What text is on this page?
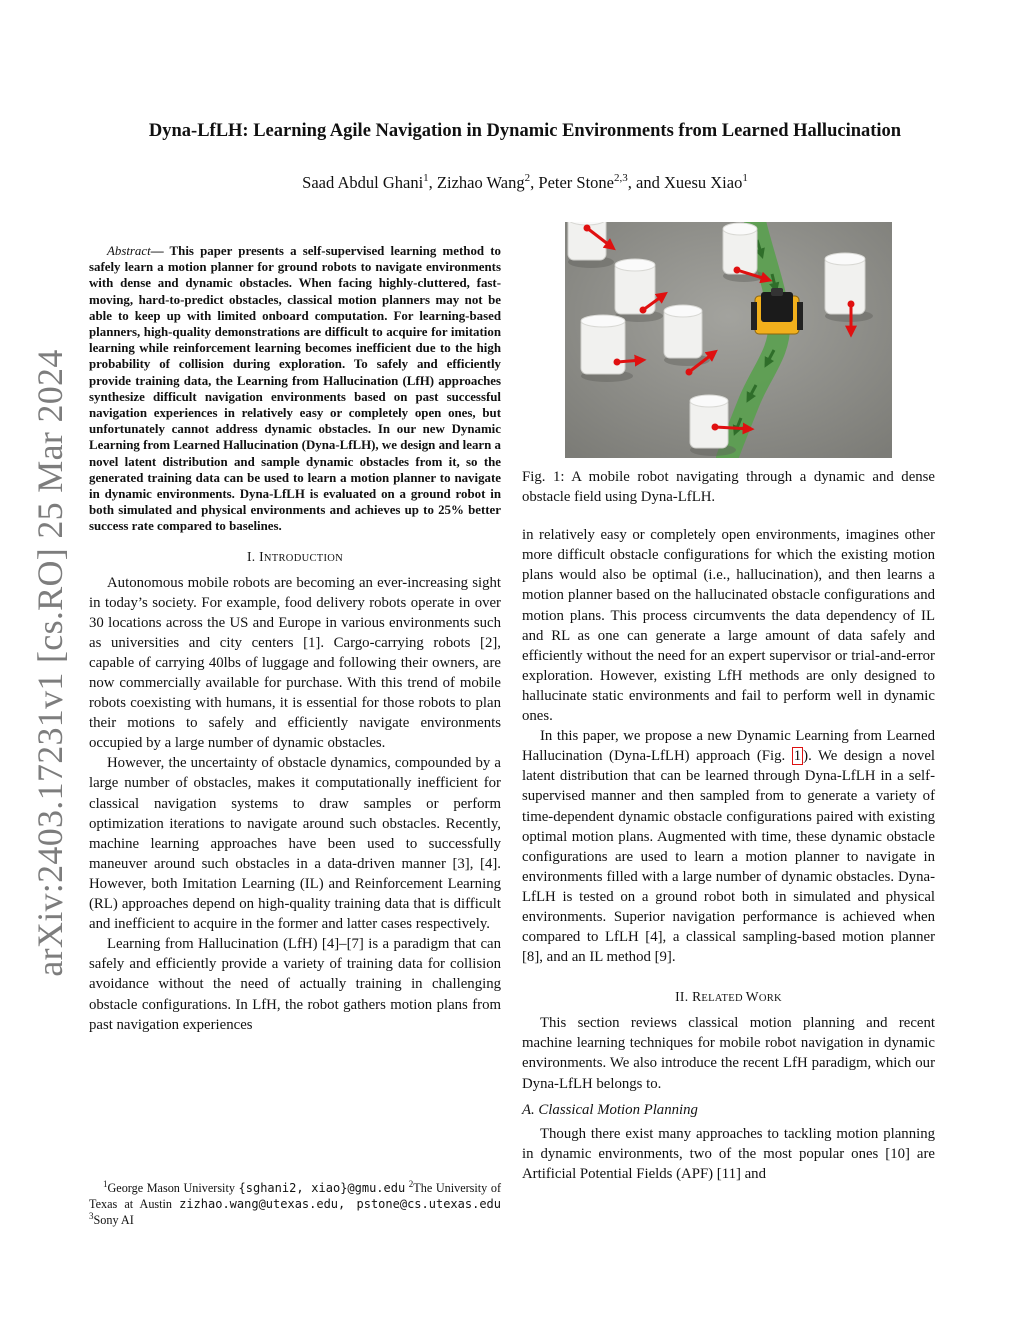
arXiv:2403.17231v1 [cs.RO] 25 Mar 2024
Dyna-LfLH: Learning Agile Navigation in Dynamic Environments from Learned Hallucination
Saad Abdul Ghani$^1$, Zizhao Wang$^2$, Peter Stone$^{2,3}$, and Xuesu Xiao$^1$

Abstract— This paper presents a self-supervised learning method to safely learn a motion planner for ground robots to navigate environments with dense and dynamic obstacles. When facing highly-cluttered, fast-moving, hard-to-predict obstacles, classical motion planners may not be able to keep up with limited onboard computation. For learning-based planners, high-quality demonstrations are difficult to acquire for imitation learning while reinforcement learning becomes inefficient due to the high probability of collision during exploration. To safely and efficiently provide training data, the Learning from Hallucination (LfH) approaches synthesize difficult navigation environments based on past successful navigation experiences in relatively easy or completely open ones, but unfortunately cannot address dynamic obstacles. In our new Dynamic Learning from Learned Hallucination (Dyna-LfLH), we design and learn a novel latent distribution and sample dynamic obstacles from it, so the generated training data can be used to learn a motion planner to navigate in dynamic environments. Dyna-LfLH is evaluated on a ground robot in both simulated and physical environments and achieves up to 25% better success rate compared to baselines.

I. INTRODUCTION

Autonomous mobile robots are becoming an ever-increasing sight in today’s society. For example, food delivery robots operate in over 30 locations across the US and Europe in various environments such as universities and city centers [1]. Cargo-carrying robots [2], capable of carrying 40lbs of luggage and following their owners, are now commercially available for purchase. With this trend of mobile robots coexisting with humans, it is essential for those robots to plan their motions to safely and efficiently navigate environments occupied by a large number of dynamic obstacles.

However, the uncertainty of obstacle dynamics, compounded by a large number of obstacles, makes it computationally inefficient for classical navigation systems to draw samples or perform optimization iterations to navigate around such obstacles. Recently, machine learning approaches have been used to successfully maneuver around such obstacles in a data-driven manner [3], [4]. However, both Imitation Learning (IL) and Reinforcement Learning (RL) approaches depend on high-quality training data that is difficult and inefficient to acquire in the former and latter cases respectively.

Learning from Hallucination (LfH) [4]–[7] is a paradigm that can safely and efficiently provide a variety of training data for collision avoidance without the need of actually training in challenging obstacle configurations. In LfH, the robot gathers motion plans from past navigation experiences

$^1$George Mason University {sghani2, xiao}@gmu.edu $^2$The University of Texas at Austin zizhao.wang@utexas.edu, pstone@cs.utexas.edu $^3$Sony AI

Fig. 1: A mobile robot navigating through a dynamic and dense obstacle field using Dyna-LfLH.

in relatively easy or completely open environments, imagines other more difficult obstacle configurations for which the existing motion plans would also be optimal (i.e., hallucination), and then learns a motion planner based on the hallucinated obstacle configurations and motion plans. This process circumvents the data dependency of IL and RL as one can generate a large amount of data safely and efficiently without the need for an expert supervisor or trial-and-error exploration. However, existing LfH methods are only designed to hallucinate static environments and fail to perform well in dynamic ones.

In this paper, we propose a new Dynamic Learning from Learned Hallucination (Dyna-LfLH) approach (Fig. 1 ). We design a novel latent distribution that can be learned through Dyna-LfLH in a self-supervised manner and then sampled from to generate a variety of time-dependent dynamic obstacle configurations paired with existing optimal motion plans. Augmented with time, these dynamic obstacle configurations are used to learn a motion planner to navigate in environments filled with a large number of dynamic obstacles. Dyna-LfLH is tested on a ground robot both in simulated and physical environments. Superior navigation performance is achieved when compared to LfLH [4], a classical sampling-based motion planner [8], and an IL method [9].

II. RELATED WORK

This section reviews classical motion planning and recent machine learning techniques for mobile robot navigation in dynamic environments. We also introduce the recent LfH paradigm, which our Dyna-LfLH belongs to.

A. Classical Motion Planning

Though there exist many approaches to tackling motion planning in dynamic environments, two of the most popular ones [10] are Artificial Potential Fields (APF) [11] and
